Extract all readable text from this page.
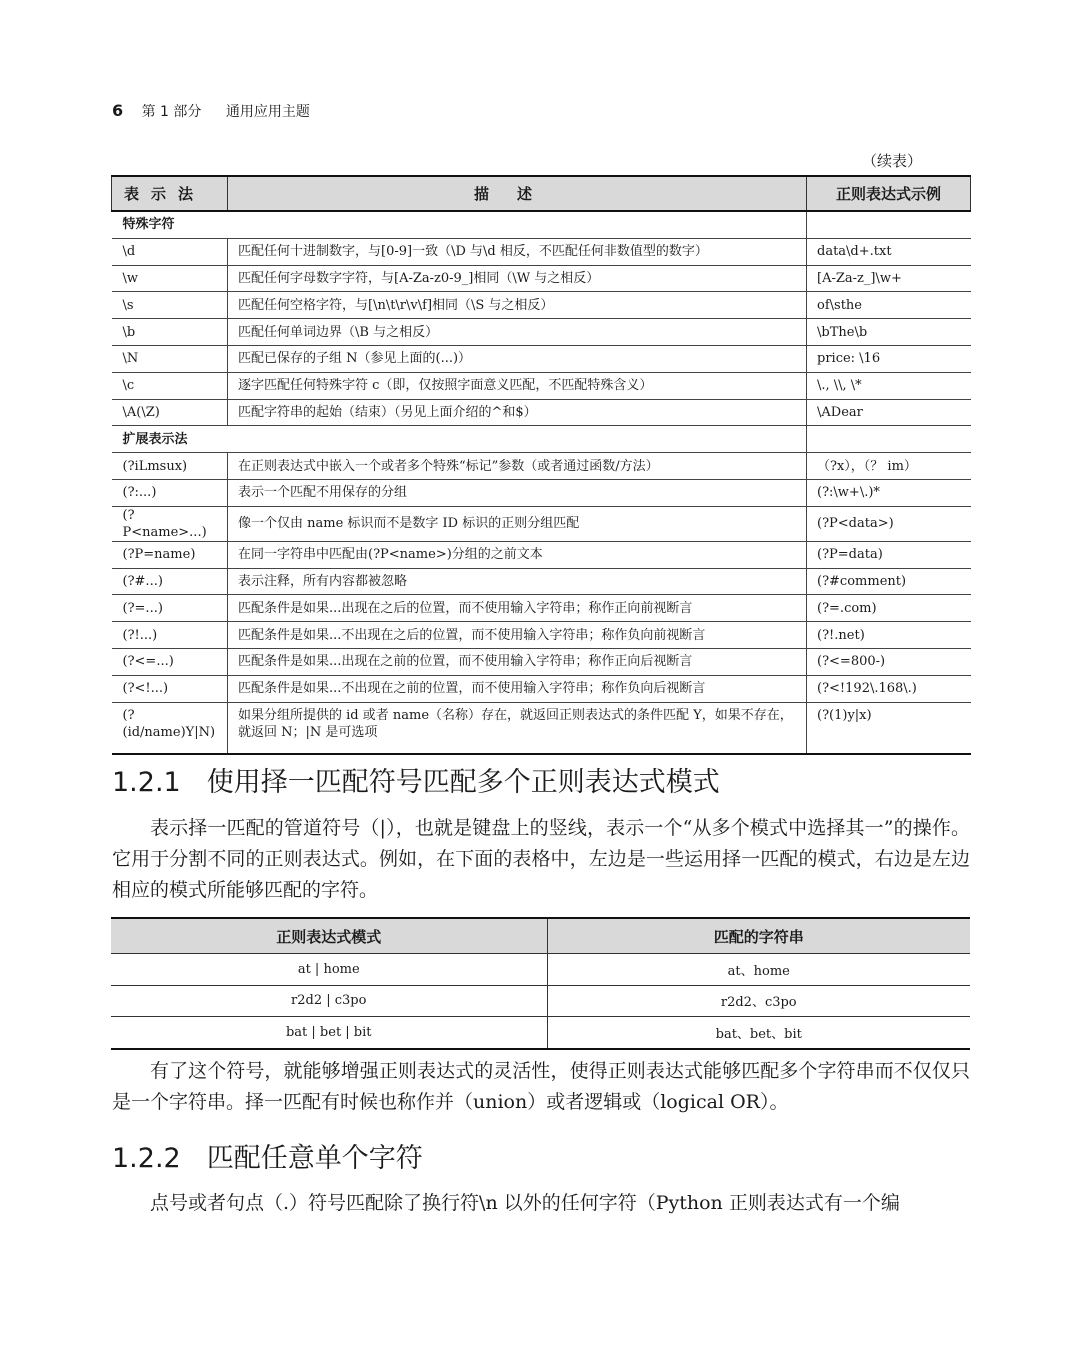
6 第 1 部分 通用应用主题
（续表）
表示法	描述	正则表达式示例
特殊字符		
\d	匹配任何十进制数字，与[0-9]一致（\D 与\d 相反，不匹配任何非数值型的数字）	data\d+.txt
\w	匹配任何字母数字字符，与[A-Za-z0-9_]相同（\W 与之相反）	[A-Za-z_]\w+
\s	匹配任何空格字符，与[\n\t\r\v\f]相同（\S 与之相反）	of\sthe
\b	匹配任何单词边界（\B 与之相反）	\bThe\b
\N	匹配已保存的子组 N（参见上面的(...)）	price: \16
\c	逐字匹配任何特殊字符 c（即，仅按照字面意义匹配，不匹配特殊含义）	\., \\, \*
\A(\Z)	匹配字符串的起始（结束）（另见上面介绍的^和$）	\ADear
扩展表示法		
(?iLmsux)	在正则表达式中嵌入一个或者多个特殊“标记”参数（或者通过函数/方法）	（?x），（？ im）
(?:...)	表示一个匹配不用保存的分组	(?:\w+\.)*
(?P<name>...)	像一个仅由 name 标识而不是数字 ID 标识的正则分组匹配	(?P<data>)
(?P=name)	在同一字符串中匹配由(?P<name>)分组的之前文本	(?P=data)
(?#...)	表示注释，所有内容都被忽略	(?#comment)
(?=...)	匹配条件是如果...出现在之后的位置，而不使用输入字符串；称作正向前视断言	(?=.com)
(?!...)	匹配条件是如果...不出现在之后的位置，而不使用输入字符串；称作负向前视断言	(?!.net)
(?<=...)	匹配条件是如果...出现在之前的位置，而不使用输入字符串；称作正向后视断言	(?<=800-)
(?<!...)	匹配条件是如果...不出现在之前的位置，而不使用输入字符串；称作负向后视断言	(?<!192\.168\.)
(?(id/name)Y|N)	如果分组所提供的 id 或者 name（名称）存在，就返回正则表达式的条件匹配 Y，如果不存在，就返回 N；|N 是可选项	(?(1)y|x)
1.2.1 使用择一匹配符号匹配多个正则表达式模式

表示择一匹配的管道符号（|），也就是键盘上的竖线，表示一个“从多个模式中选择其一”的操作。它用于分割不同的正则表达式。例如，在下面的表格中，左边是一些运用择一匹配的模式，右边是左边相应的模式所能够匹配的字符。

正则表达式模式	匹配的字符串
at | home	at、home
r2d2 | c3po	r2d2、c3po
bat | bet | bit	bat、bet、bit

有了这个符号，就能够增强正则表达式的灵活性，使得正则表达式能够匹配多个字符串而不仅仅只是一个字符串。择一匹配有时候也称作并（union）或者逻辑或（logical OR）。

1.2.2 匹配任意单个字符

点号或者句点（.）符号匹配除了换行符\n 以外的任何字符（Python 正则表达式有一个编
